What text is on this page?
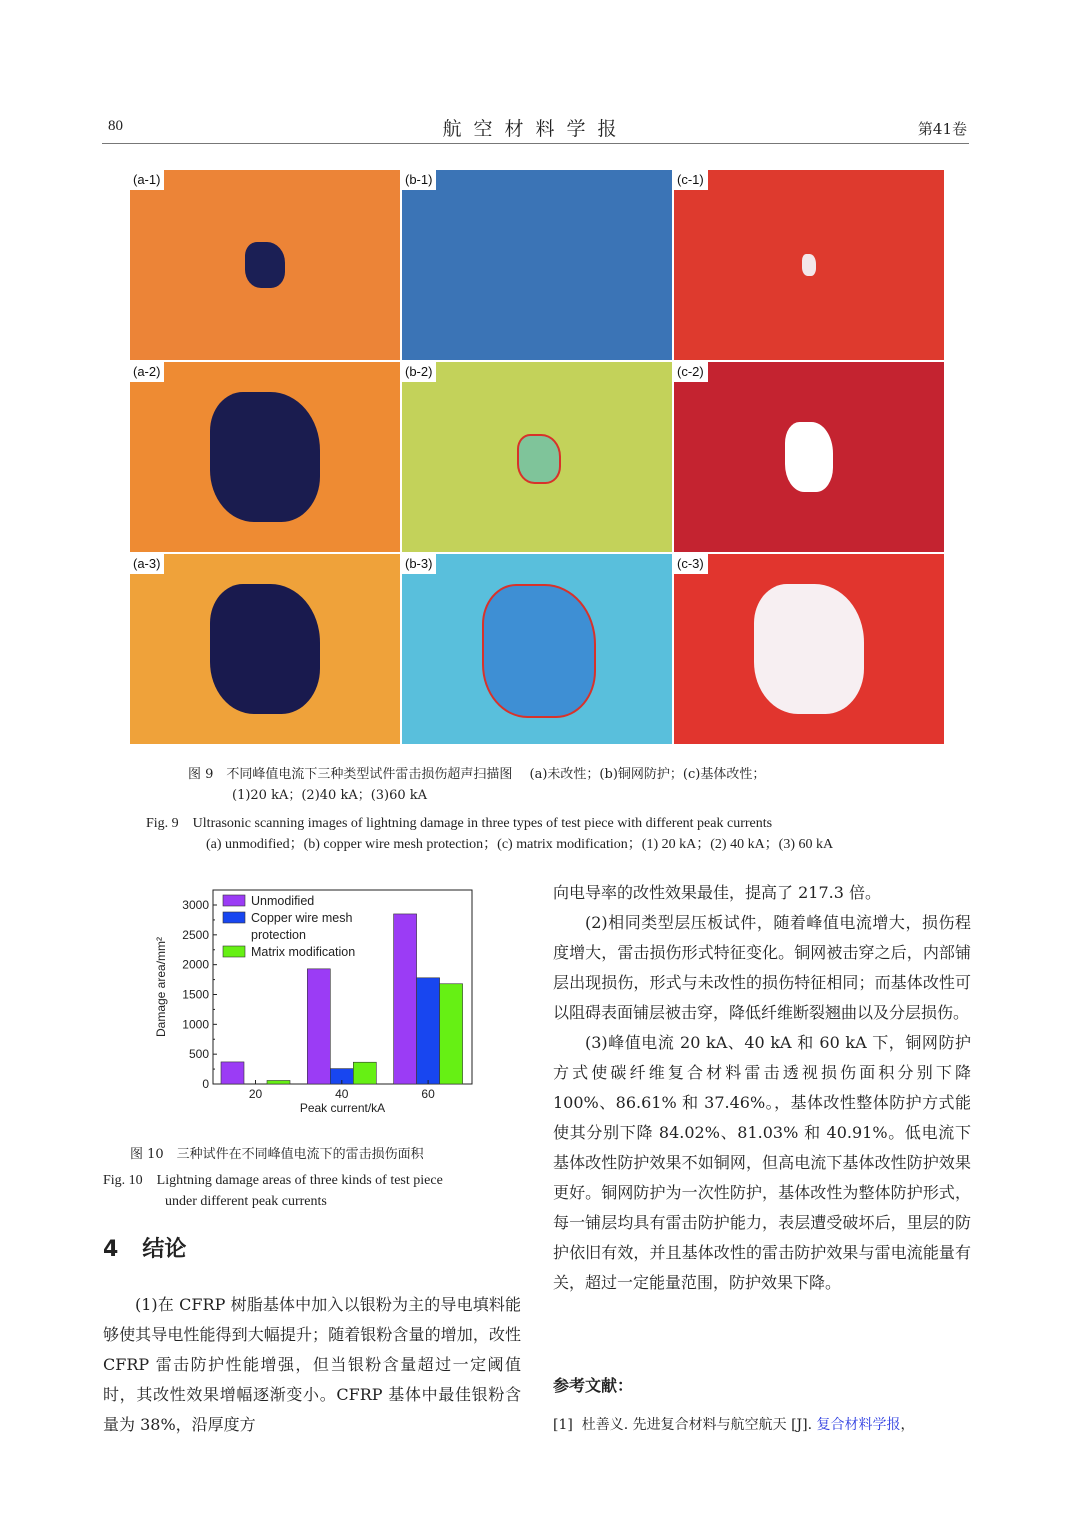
80	航空材料学报	第41卷
(a-1)	(b-1)	(c-1)
(a-2)	(b-2)	(c-2)
(a-3)	(b-3)	(c-3)
图 9　不同峰值电流下三种类型试件雷击损伤超声扫描图　 (a)未改性；(b)铜网防护；(c)基体改性；
(1)20 kA；(2)40 kA；(3)60 kA
Fig. 9　Ultrasonic scanning images of lightning damage in three types of test piece with different peak currents
(a) unmodified；(b) copper wire mesh protection；(c) matrix modification；(1) 20 kA；(2) 40 kA；(3) 60 kA
0
500
1000
1500
2000
2500
3000
20	40	60
Peak current/kA
Damage area/mm²
Unmodified
Copper wire mesh
protection
Matrix modification
图 10　三种试件在不同峰值电流下的雷击损伤面积
Fig. 10　Lightning damage areas of three kinds of test piece
under different peak currents
4 结论
(1)在 CFRP 树脂基体中加入以银粉为主的导电填料能够使其导电性能得到大幅提升；随着银粉含量的增加，改性 CFRP 雷击防护性能增强，但当银粉含量超过一定阈值时，其改性效果增幅逐渐变小。CFRP 基体中最佳银粉含量为 38%，沿厚度方
向电导率的改性效果最佳，提高了 217.3 倍。
(2)相同类型层压板试件，随着峰值电流增大，损伤程度增大，雷击损伤形式特征变化。铜网被击穿之后，内部铺层出现损伤，形式与未改性的损伤特征相同；而基体改性可以阻碍表面铺层被击穿，降低纤维断裂翘曲以及分层损伤。
(3)峰值电流 20 kA、40 kA 和 60 kA 下，铜网防护方式使碳纤维复合材料雷击透视损伤面积分别下降 100%、86.61% 和 37.46%。，基体改性整体防护方式能使其分别下降 84.02%、81.03% 和 40.91%。低电流下基体改性防护效果不如铜网，但高电流下基体改性防护效果更好。铜网防护为一次性防护，基体改性为整体防护形式，每一铺层均具有雷击防护能力，表层遭受破坏后，里层的防护依旧有效，并且基体改性的雷击防护效果与雷电流能量有关，超过一定能量范围，防护效果下降。
参考文献：
[1] 杜善义. 先进复合材料与航空航天 [J]. 复合材料学报，
